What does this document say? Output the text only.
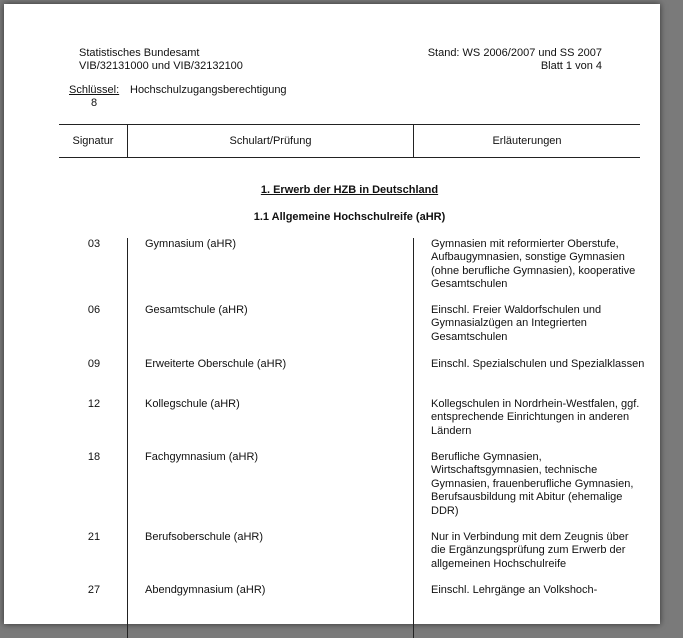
Statistisches Bundesamt
VIB/32131000 und VIB/32132100
Stand: WS 2006/2007 und SS 2007
Blatt 1 von 4
Schlüssel: Hochschulzugangsberechtigung
8
Signatur	Schulart/Prüfung	Erläuterungen
1. Erwerb der HZB in Deutschland
1.1 Allgemeine Hochschulreife (aHR)
03	Gymnasium (aHR)	Gymnasien mit reformierter Oberstufe, Aufbaugymnasien, sonstige Gymnasien (ohne berufliche Gymnasien), kooperative Gesamtschulen
06	Gesamtschule (aHR)	Einschl. Freier Waldorfschulen und Gymnasialzügen an Integrierten Gesamtschulen
09	Erweiterte Oberschule (aHR)	Einschl. Spezialschulen und Spezialklassen
12	Kollegschule (aHR)	Kollegschulen in Nordrhein-Westfalen, ggf. entsprechende Einrichtungen in anderen Ländern
18	Fachgymnasium (aHR)	Berufliche Gymnasien, Wirtschaftsgymnasien, technische Gymnasien, frauenberufliche Gymnasien, Berufsausbildung mit Abitur (ehemalige DDR)
21	Berufsoberschule (aHR)	Nur in Verbindung mit dem Zeugnis über die Ergänzungsprüfung zum Erwerb der allgemeinen Hochschulreife
27	Abendgymnasium (aHR)	Einschl. Lehrgänge an Volkshoch-
